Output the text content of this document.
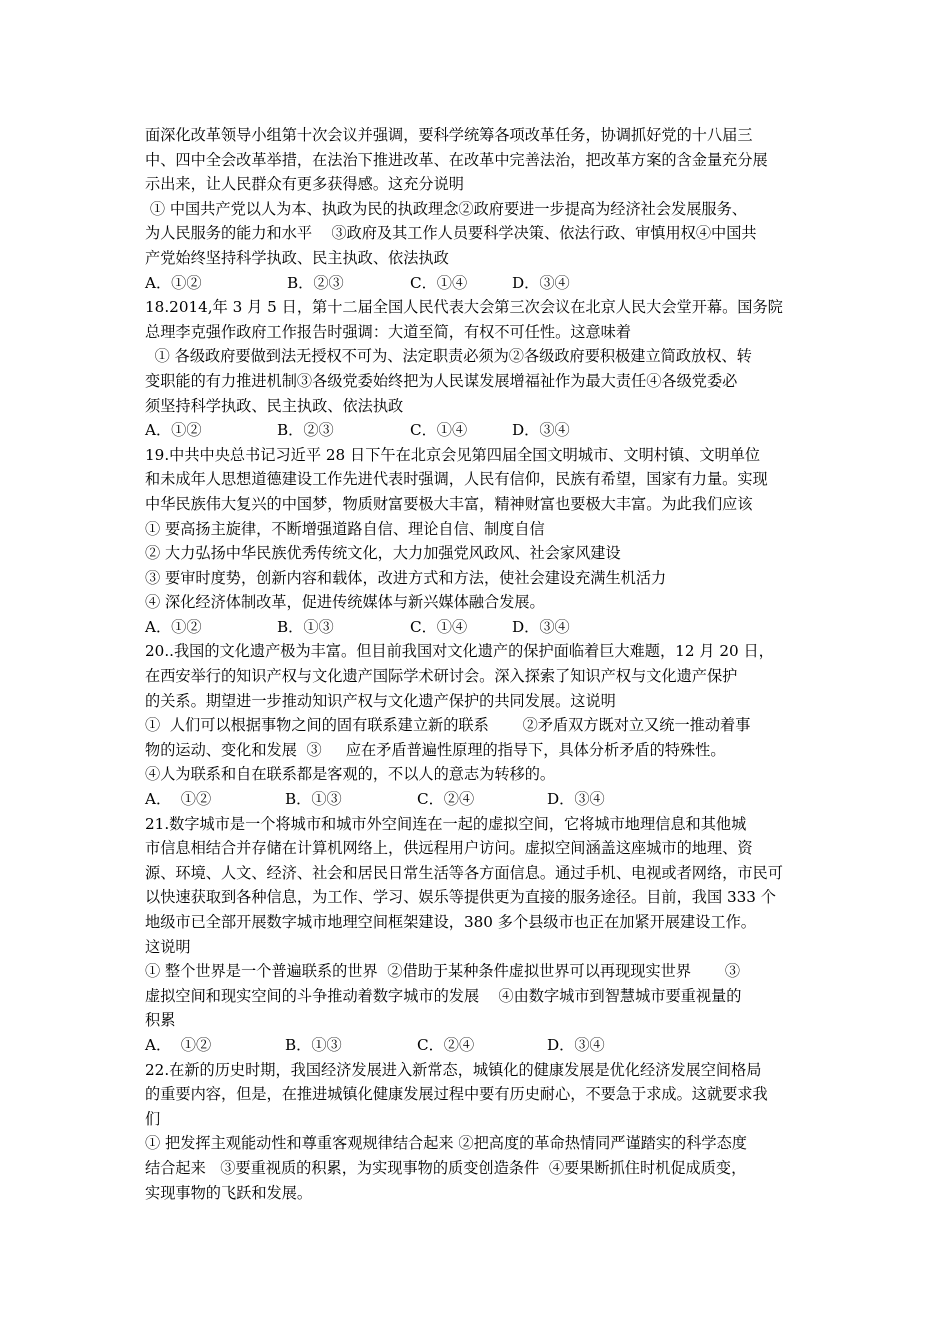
面深化改革领导小组第十次会议并强调，要科学统筹各项改革任务，协调抓好党的十八届三
中、四中全会改革举措，在法治下推进改革、在改革中完善法治，把改革方案的含金量充分展
示出来，让人民群众有更多获得感。这充分说明
① 中国共产党以人为本、执政为民的执政理念②政府要进一步提高为经济社会发展服务、
为人民服务的能力和水平    ③政府及其工作人员要科学决策、依法行政、审慎用权④中国共
产党始终坚持科学执政、民主执政、依法执政
A．①②	B．②③	C．①④	D．③④
18.2014,年 3 月 5 日，第十二届全国人民代表大会第三次会议在北京人民大会堂开幕。国务院
总理李克强作政府工作报告时强调：大道至简，有权不可任性。这意味着
① 各级政府要做到法无授权不可为、法定职责必须为②各级政府要积极建立简政放权、转
变职能的有力推进机制③各级党委始终把为人民谋发展增福祉作为最大责任④各级党委必
须坚持科学执政、民主执政、依法执政
A．①②	B．②③	C．①④	D．③④
19.中共中央总书记习近平 28 日下午在北京会见第四届全国文明城市、文明村镇、文明单位
和未成年人思想道德建设工作先进代表时强调，人民有信仰，民族有希望，国家有力量。实现
中华民族伟大复兴的中国梦，物质财富要极大丰富，精神财富也要极大丰富。为此我们应该
① 要高扬主旋律，不断增强道路自信、理论自信、制度自信
② 大力弘扬中华民族优秀传统文化，大力加强党风政风、社会家风建设
③ 要审时度势，创新内容和载体，改进方式和方法，使社会建设充满生机活力
④ 深化经济体制改革，促进传统媒体与新兴媒体融合发展。
A．①②	B．①③	C．①④	D．③④
20..我国的文化遗产极为丰富。但目前我国对文化遗产的保护面临着巨大难题，12 月 20 日，
在西安举行的知识产权与文化遗产国际学术研讨会。深入探索了知识产权与文化遗产保护
的关系。期望进一步推动知识产权与文化遗产保护的共同发展。这说明
①  人们可以根据事物之间的固有联系建立新的联系       ②矛盾双方既对立又统一推动着事
物的运动、变化和发展  ③     应在矛盾普遍性原理的指导下，具体分析矛盾的特殊性。
④人为联系和自在联系都是客观的，不以人的意志为转移的。
A．  ①②	B．①③	C．②④	D．③④
21.数字城市是一个将城市和城市外空间连在一起的虚拟空间，它将城市地理信息和其他城
市信息相结合并存储在计算机网络上，供远程用户访问。虚拟空间涵盖这座城市的地理、资
源、环境、人文、经济、社会和居民日常生活等各方面信息。通过手机、电视或者网络，市民可
以快速获取到各种信息，为工作、学习、娱乐等提供更为直接的服务途径。目前，我国 333 个
地级市已全部开展数字城市地理空间框架建设，380 多个县级市也正在加紧开展建设工作。
这说明
① 整个世界是一个普遍联系的世界  ②借助于某种条件虚拟世界可以再现现实世界       ③
虚拟空间和现实空间的斗争推动着数字城市的发展    ④由数字城市到智慧城市要重视量的
积累
A．  ①②	B．①③	C．②④	D．③④
22.在新的历史时期，我国经济发展进入新常态，城镇化的健康发展是优化经济发展空间格局
的重要内容，但是，在推进城镇化健康发展过程中要有历史耐心，不要急于求成。这就要求我
们
① 把发挥主观能动性和尊重客观规律结合起来 ②把高度的革命热情同严谨踏实的科学态度
结合起来   ③要重视质的积累，为实现事物的质变创造条件  ④要果断抓住时机促成质变，
实现事物的飞跃和发展。
